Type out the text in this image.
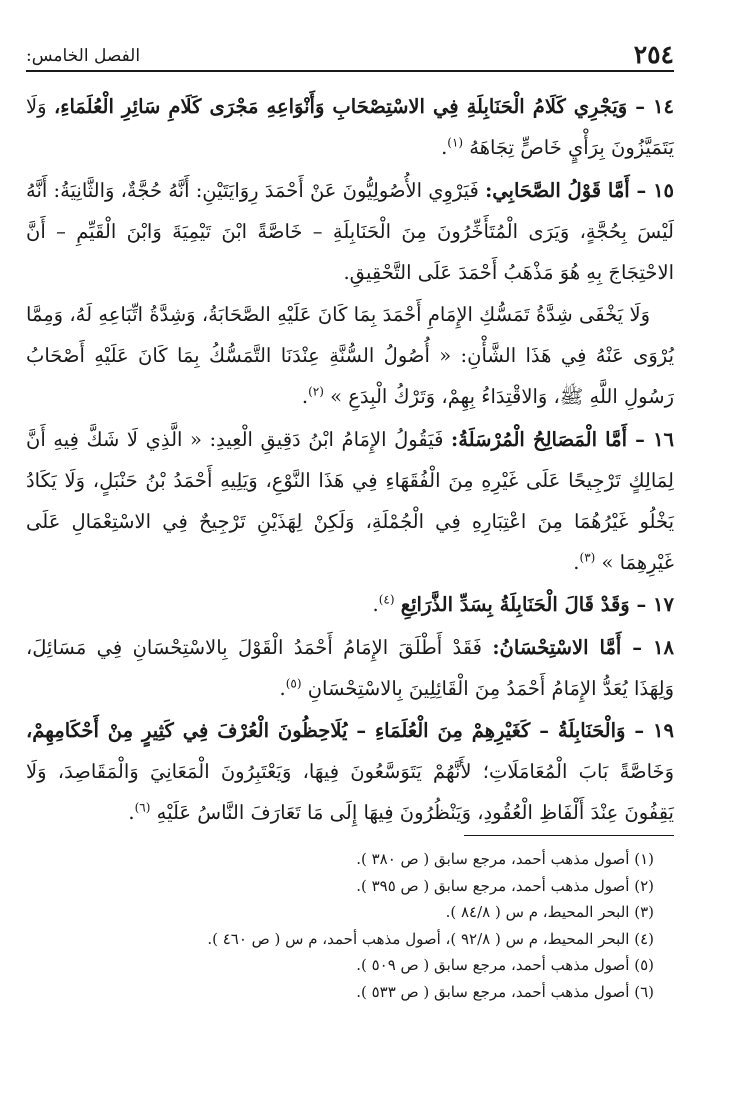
٢٥٤
الفصل الخامس:

١٤ – وَيَجْرِي كَلَامُ الْحَنَابِلَةِ فِي الاسْتِصْحَابِ وَأَنْوَاعِهِ مَجْرَى كَلَامِ سَائِرِ الْعُلَمَاءِ، وَلَا يَتَمَيَّزُونَ بِرَأْيٍ خَاصٍّ تِجَاهَهُ $^{(١)}$.

١٥ – أَمَّا قَوْلُ الصَّحَابِي: فَيَرْوِي الأُصُولِيُّونَ عَنْ أَحْمَدَ رِوَايَتَيْنِ: أَنَّهُ حُجَّةٌ، وَالثَّانِيَةُ: أَنَّهُ لَيْسَ بِحُجَّةٍ، وَيَرَى الْمُتَأَخِّرُونَ مِنَ الْحَنَابِلَةِ – خَاصَّةً ابْنَ تَيْمِيَةَ وَابْنَ الْقَيِّمِ – أَنَّ الاحْتِجَاجَ بِهِ هُوَ مَذْهَبُ أَحْمَدَ عَلَى التَّحْقِيقِ.

وَلَا يَخْفَى شِدَّةُ تَمَسُّكِ الإِمَامِ أَحْمَدَ بِمَا كَانَ عَلَيْهِ الصَّحَابَةُ، وَشِدَّةُ اتِّبَاعِهِ لَهُ، وَمِمَّا يُرْوَى عَنْهُ فِي هَذَا الشَّأْنِ: « أُصُولُ السُّنَّةِ عِنْدَنَا التَّمَسُّكُ بِمَا كَانَ عَلَيْهِ أَصْحَابُ رَسُولِ اللَّهِ ﷺ، وَالاقْتِدَاءُ بِهِمْ، وَتَرْكُ الْبِدَعِ » $^{(٢)}$.

١٦ – أَمَّا الْمَصَالِحُ الْمُرْسَلَةُ: فَيَقُولُ الإِمَامُ ابْنُ دَقِيقِ الْعِيدِ: « الَّذِي لَا شَكَّ فِيهِ أَنَّ لِمَالِكٍ تَرْجِيحًا عَلَى غَيْرِهِ مِنَ الْفُقَهَاءِ فِي هَذَا النَّوْعِ، وَيَلِيهِ أَحْمَدُ بْنُ حَنْبَلٍ، وَلَا يَكَادُ يَخْلُو غَيْرُهُمَا مِنَ اعْتِبَارِهِ فِي الْجُمْلَةِ، وَلَكِنْ لِهَذَيْنِ تَرْجِيحٌ فِي الاسْتِعْمَالِ عَلَى غَيْرِهِمَا » $^{(٣)}$.

١٧ – وَقَدْ قَالَ الْحَنَابِلَةُ بِسَدِّ الذَّرَائِعِ $^{(٤)}$.

١٨ – أَمَّا الاسْتِحْسَانُ: فَقَدْ أَطْلَقَ الإِمَامُ أَحْمَدُ الْقَوْلَ بِالاسْتِحْسَانِ فِي مَسَائِلَ، وَلِهَذَا يُعَدُّ الإِمَامُ أَحْمَدُ مِنَ الْقَائِلِينَ بِالاسْتِحْسَانِ $^{(٥)}$.

١٩ – وَالْحَنَابِلَةُ – كَغَيْرِهِمْ مِنَ الْعُلَمَاءِ – يُلَاحِظُونَ الْعُرْفَ فِي كَثِيرٍ مِنْ أَحْكَامِهِمْ، وَخَاصَّةً بَابَ الْمُعَامَلَاتِ؛ لأَنَّهُمْ يَتَوَسَّعُونَ فِيهَا، وَيَعْتَبِرُونَ الْمَعَانِيَ وَالْمَقَاصِدَ، وَلَا يَقِفُونَ عِنْدَ أَلْفَاظِ الْعُقُودِ، وَيَنْظُرُونَ فِيهَا إِلَى مَا تَعَارَفَ النَّاسُ عَلَيْهِ $^{(٦)}$.

(١) أصول مذهب أحمد، مرجع سابق ( ص ٣٨٠ ).

(٢) أصول مذهب أحمد، مرجع سابق ( ص ٣٩٥ ).

(٣) البحر المحيط، م س ( ٨٤/٨ ).

(٤) البحر المحيط، م س ( ٩٢/٨ )، أصول مذهب أحمد، م س ( ص ٤٦٠ ).

(٥) أصول مذهب أحمد، مرجع سابق ( ص ٥٠٩ ).

(٦) أصول مذهب أحمد، مرجع سابق ( ص ٥٣٣ ).
